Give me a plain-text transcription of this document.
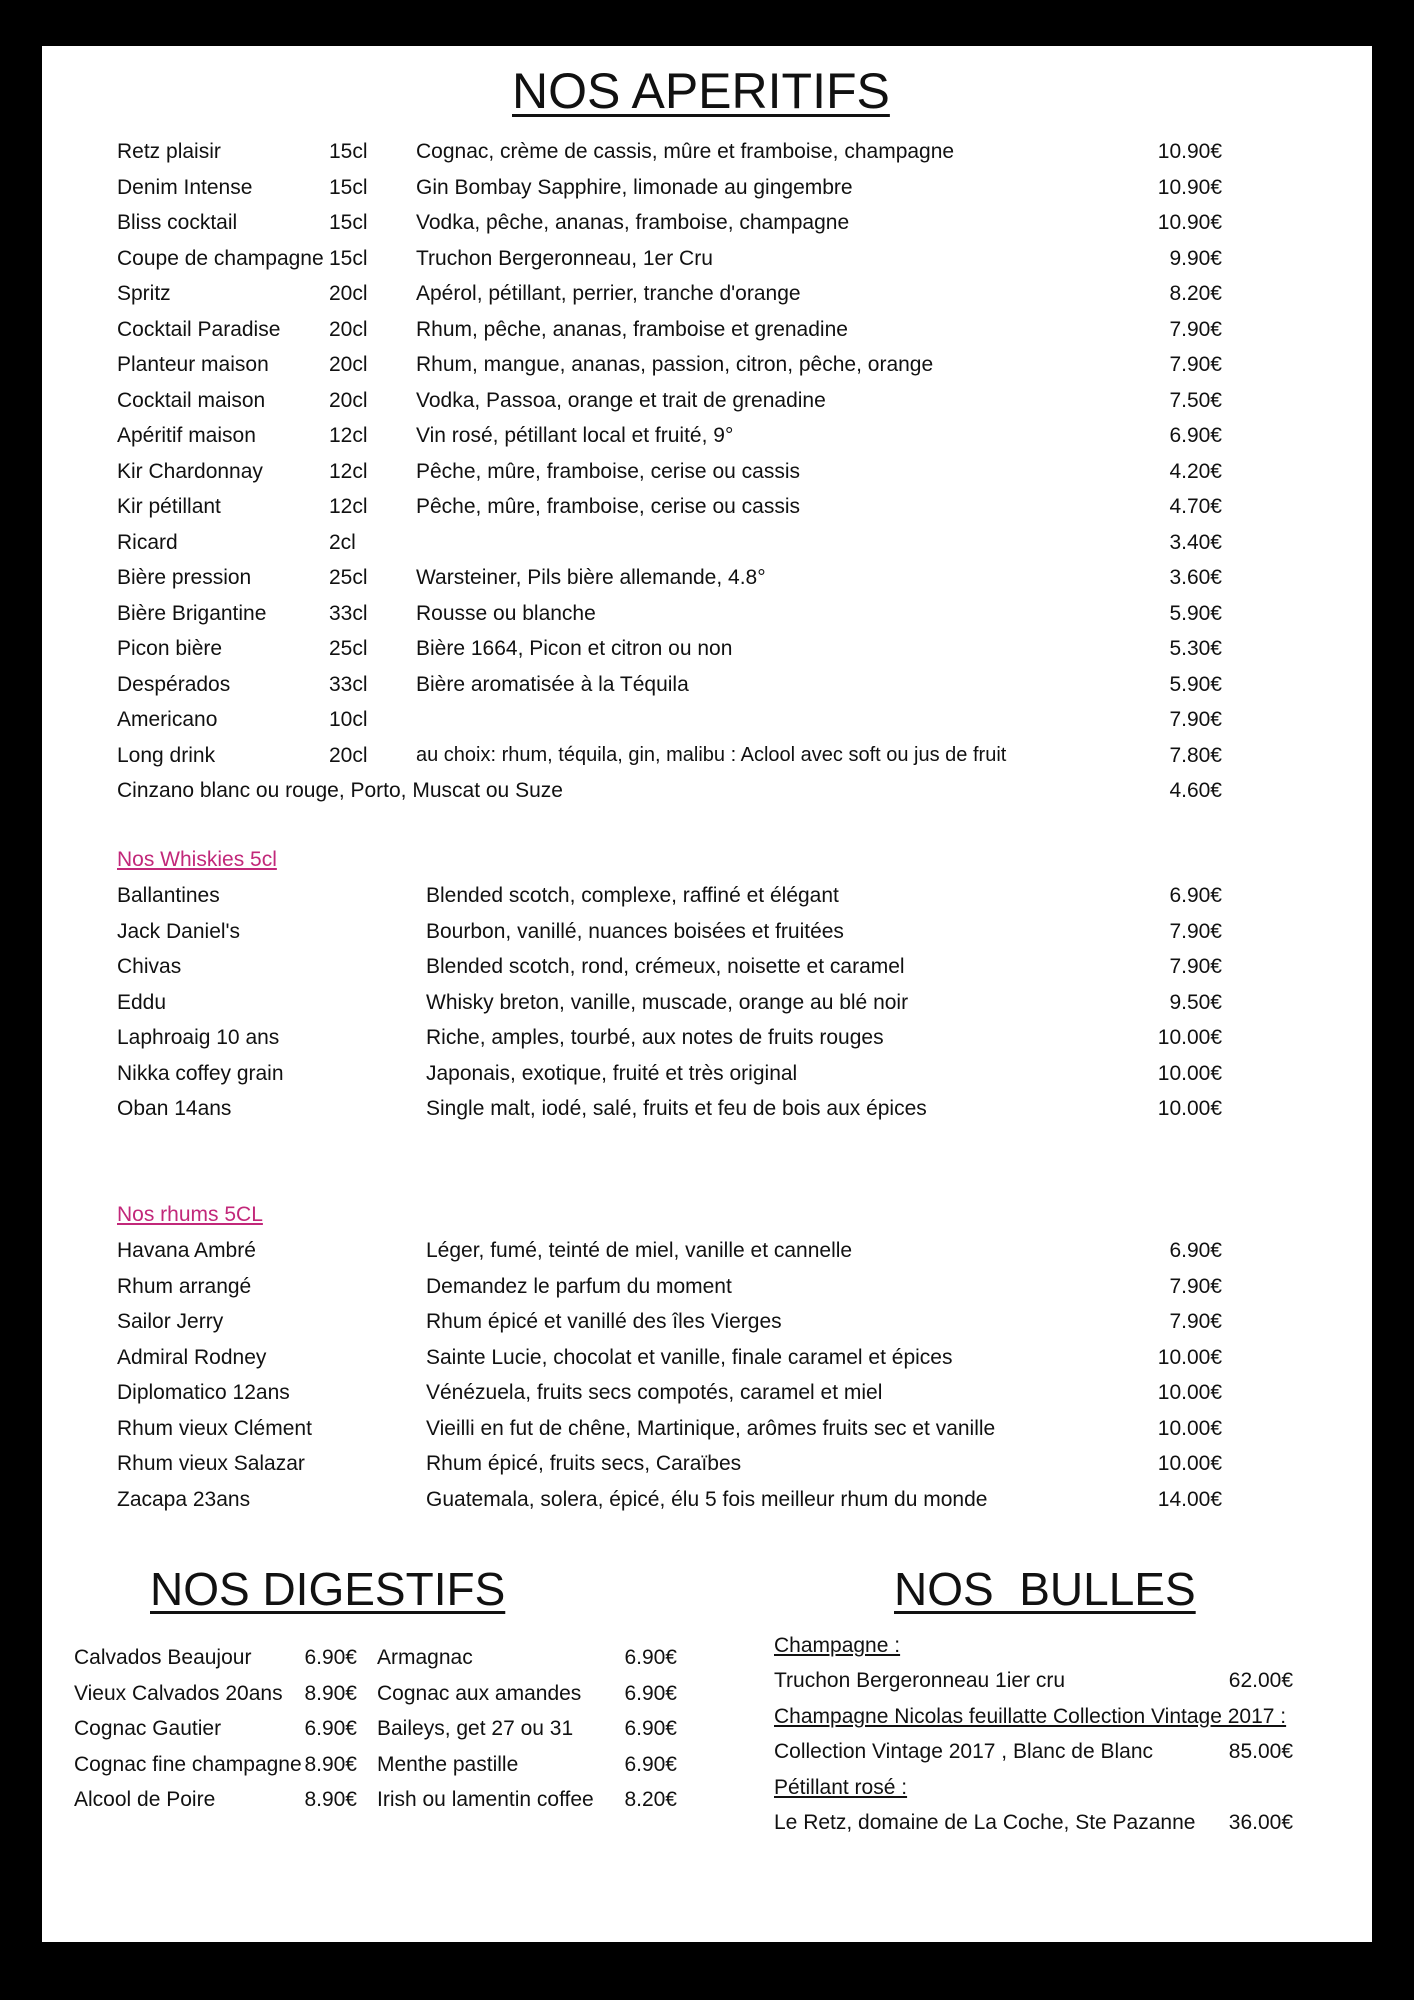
NOS APERITIFS
Retz plaisir	15cl Cognac, crème de cassis, mûre et framboise, champagne	10.90€
Denim Intense	15cl Gin Bombay Sapphire, limonade au gingembre	10.90€
Bliss cocktail	15cl Vodka, pêche, ananas, framboise, champagne	10.90€
Coupe de champagne 15cl Truchon Bergeronneau, 1er Cru	9.90€
Spritz	20cl Apérol, pétillant, perrier, tranche d'orange	8.20€
Cocktail Paradise 20cl Rhum, pêche, ananas, framboise et grenadine	7.90€
Planteur maison	20cl Rhum, mangue, ananas, passion, citron, pêche, orange	7.90€
Cocktail maison	20cl Vodka, Passoa, orange et trait de grenadine	7.50€
Apéritif maison	12cl Vin rosé, pétillant local et fruité, 9°	6.90€
Kir Chardonnay	12cl Pêche, mûre, framboise, cerise ou cassis	4.20€
Kir pétillant	12cl Pêche, mûre, framboise, cerise ou cassis	4.70€
Ricard	2cl	3.40€
Bière pression	25cl Warsteiner, Pils bière allemande, 4.8°	3.60€
Bière Brigantine	33cl Rousse ou blanche	5.90€
Picon bière	25cl Bière 1664, Picon et citron ou non	5.30€
Despérados	33cl Bière aromatisée à la Téquila	5.90€
Americano	10cl	7.90€
Long drink	20cl au choix: rhum, téquila, gin, malibu : Aclool avec soft ou jus de fruit	7.80€
Cinzano blanc ou rouge, Porto, Muscat ou Suze	4.60€
Nos Whiskies 5cl
Ballantines	Blended scotch, complexe, raffiné et élégant	6.90€
Jack Daniel's	Bourbon, vanillé, nuances boisées et fruitées	7.90€
Chivas	Blended scotch, rond, crémeux, noisette et caramel	7.90€
Eddu	Whisky breton, vanille, muscade, orange au blé noir	9.50€
Laphroaig 10 ans	Riche, amples, tourbé, aux notes de fruits rouges	10.00€
Nikka coffey grain	Japonais, exotique, fruité et très original	10.00€
Oban 14ans	Single malt, iodé, salé, fruits et feu de bois aux épices	10.00€
Nos rhums 5CL
Havana Ambré	Léger, fumé, teinté de miel, vanille et cannelle	6.90€
Rhum arrangé	Demandez le parfum du moment	7.90€
Sailor Jerry	Rhum épicé et vanillé des îles Vierges	7.90€
Admiral Rodney	Sainte Lucie, chocolat et vanille, finale caramel et épices	10.00€
Diplomatico 12ans	Vénézuela, fruits secs compotés, caramel et miel	10.00€
Rhum vieux Clément	Vieilli en fut de chêne, Martinique, arômes fruits sec et vanille	10.00€
Rhum vieux Salazar	Rhum épicé, fruits secs, Caraïbes	10.00€
Zacapa 23ans	Guatemala, solera, épicé, élu 5 fois meilleur rhum du monde	14.00€
NOS DIGESTIFS
Calvados Beaujour	6.90€ Armagnac	6.90€
Vieux Calvados 20ans	8.90€ Cognac aux amandes	6.90€
Cognac Gautier	6.90€ Baileys, get 27 ou 31	6.90€
Cognac fine champagne 8.90€ Menthe pastille	6.90€
Alcool de Poire	8.90€ Irish ou lamentin coffee	8.20€
NOS  BULLES
Champagne :
Truchon Bergeronneau 1ier cru	62.00€
Champagne Nicolas feuillatte Collection Vintage 2017 :
Collection Vintage 2017 , Blanc de Blanc	85.00€
Pétillant rosé :
Le Retz, domaine de La Coche, Ste Pazanne 36.00€
